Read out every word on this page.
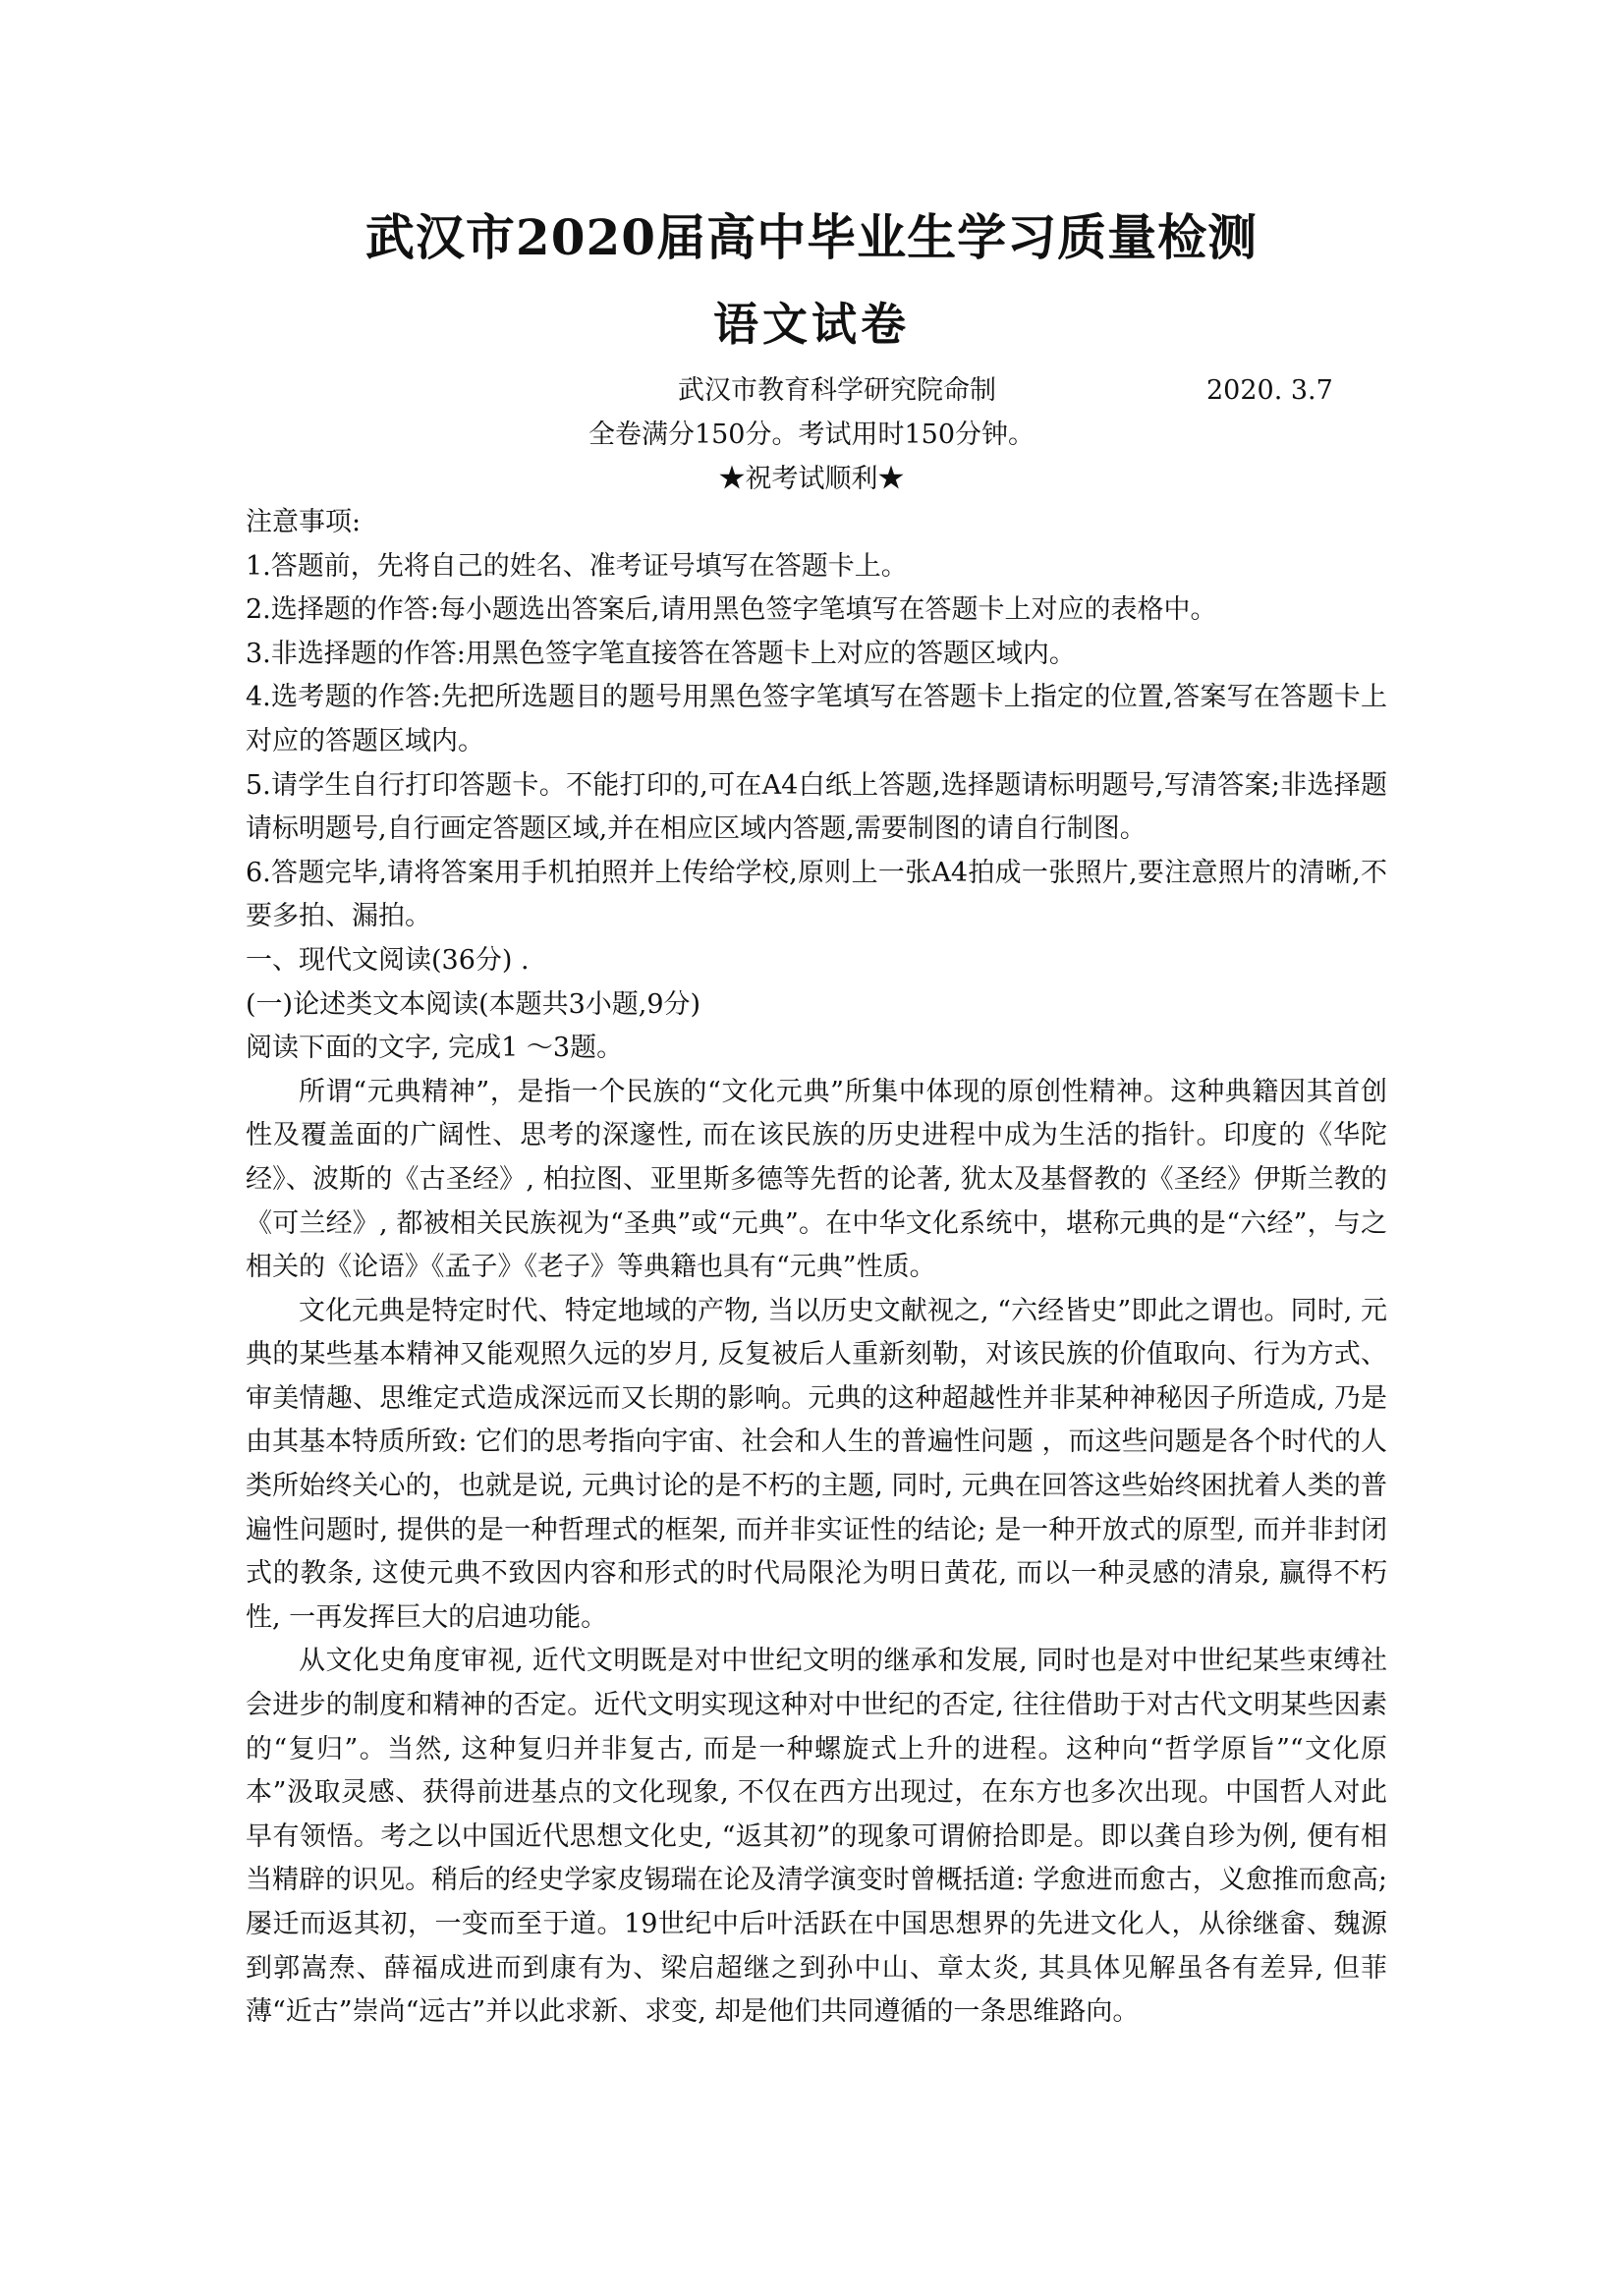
武汉市2020届高中毕业生学习质量检测
语文试卷
武汉市教育科学研究院命制	2020. 3.7
全卷满分150分。考试用时150分钟。
★祝考试顺利★

注意事项:

1.答题前，先将自己的姓名、准考证号填写在答题卡上。

2.选择题的作答:每小题选出答案后,请用黑色签字笔填写在答题卡上对应的表格中。

3.非选择题的作答:用黑色签字笔直接答在答题卡上对应的答题区域内。

4.选考题的作答:先把所选题目的题号用黑色签字笔填写在答题卡上指定的位置,答案写在答题卡上对应的答题区域内。

5.请学生自行打印答题卡。不能打印的,可在A4白纸上答题,选择题请标明题号,写清答案;非选择题请标明题号,自行画定答题区域,并在相应区域内答题,需要制图的请自行制图。

6.答题完毕,请将答案用手机拍照并上传给学校,原则上一张A4拍成一张照片,要注意照片的清晰,不要多拍、漏拍。

一、现代文阅读(36分) .

(一)论述类文本阅读(本题共3小题,9分)

阅读下面的文字, 完成1 ～3题。

所谓“元典精神”，是指一个民族的“文化元典”所集中体现的原创性精神。这种典籍因其首创性及覆盖面的广阔性、思考的深邃性, 而在该民族的历史进程中成为生活的指针。印度的《华陀经》、波斯的《古圣经》, 柏拉图、亚里斯多德等先哲的论著, 犹太及基督教的《圣经》伊斯兰教的《可兰经》, 都被相关民族视为“圣典”或“元典”。在中华文化系统中，堪称元典的是“六经”，与之相关的《论语》《孟子》《老子》等典籍也具有“元典”性质。

文化元典是特定时代、特定地域的产物, 当以历史文献视之, “六经皆史”即此之谓也。同时, 元典的某些基本精神又能观照久远的岁月, 反复被后人重新刻勒，对该民族的价值取向、行为方式、审美情趣、思维定式造成深远而又长期的影响。元典的这种超越性并非某种神秘因子所造成, 乃是由其基本特质所致: 它们的思考指向宇宙、社会和人生的普遍性问题 ，而这些问题是各个时代的人类所始终关心的，也就是说, 元典讨论的是不朽的主题, 同时, 元典在回答这些始终困扰着人类的普遍性问题时, 提供的是一种哲理式的框架, 而并非实证性的结论; 是一种开放式的原型, 而并非封闭式的教条, 这使元典不致因内容和形式的时代局限沦为明日黄花, 而以一种灵感的清泉, 赢得不朽性, 一再发挥巨大的启迪功能。

从文化史角度审视, 近代文明既是对中世纪文明的继承和发展, 同时也是对中世纪某些束缚社会进步的制度和精神的否定。近代文明实现这种对中世纪的否定, 往往借助于对古代文明某些因素的“复归”。当然, 这种复归并非复古, 而是一种螺旋式上升的进程。这种向“哲学原旨”“文化原本”汲取灵感、获得前进基点的文化现象, 不仅在西方出现过，在东方也多次出现。中国哲人对此早有领悟。考之以中国近代思想文化史, “返其初”的现象可谓俯拾即是。即以龚自珍为例, 便有相当精辟的识见。稍后的经史学家皮锡瑞在论及清学演变时曾概括道: 学愈进而愈古，义愈推而愈高; 屡迁而返其初，一变而至于道。19世纪中后叶活跃在中国思想界的先进文化人，从徐继畲、魏源到郭嵩焘、薛福成进而到康有为、梁启超继之到孙中山、章太炎, 其具体见解虽各有差异, 但菲薄“近古”崇尚“远古”并以此求新、求变, 却是他们共同遵循的一条思维路向。
